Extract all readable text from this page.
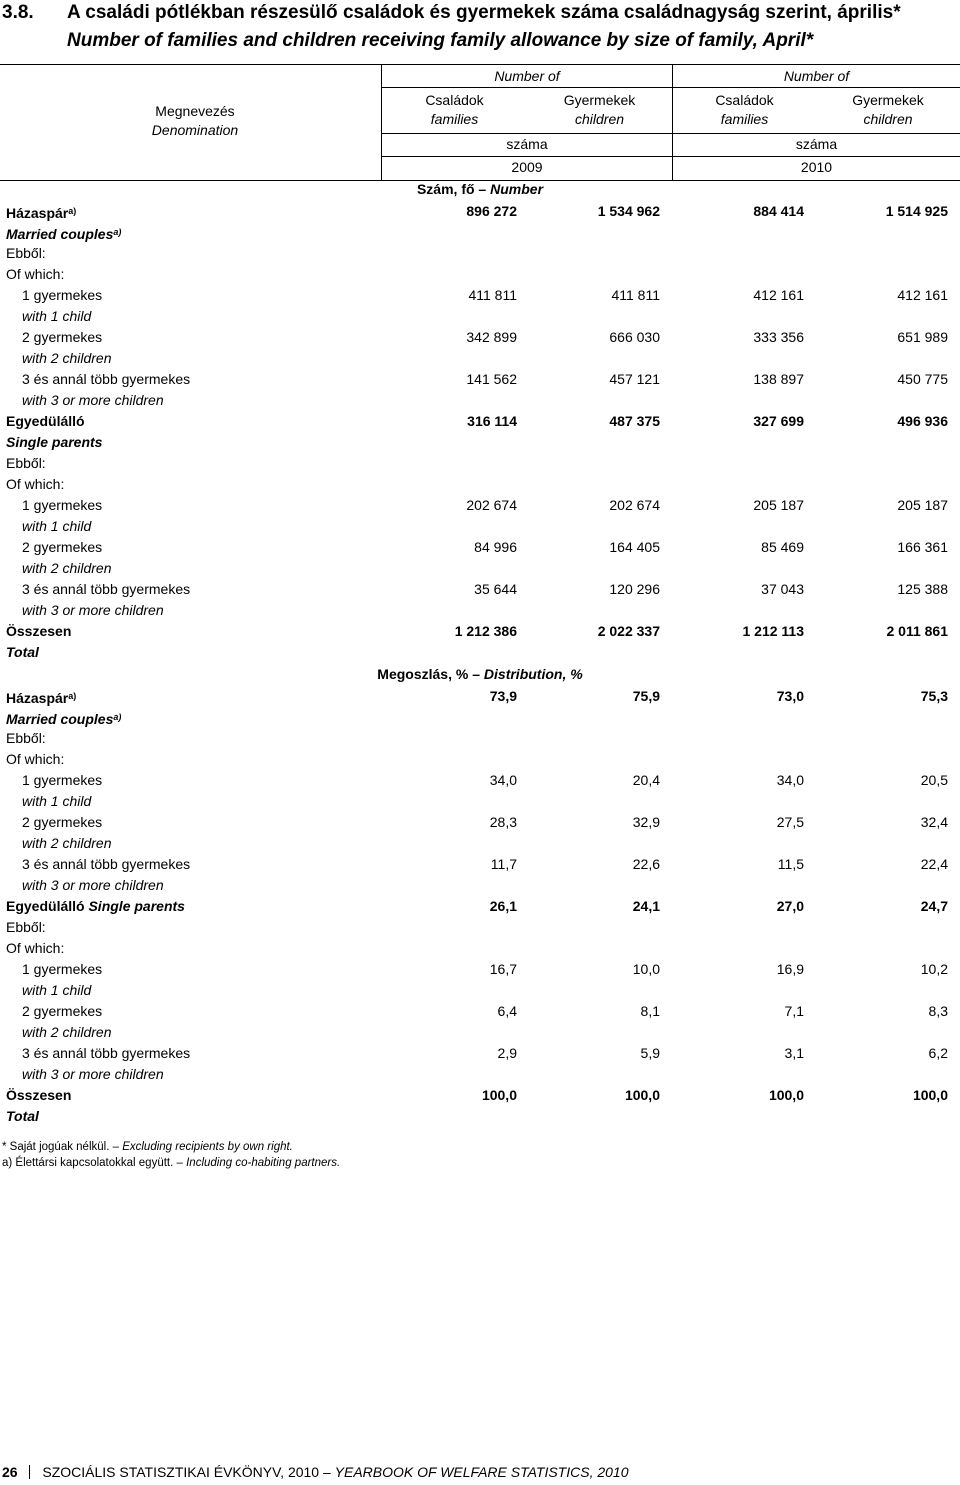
3.8. A családi pótlékban részesülő családok és gyermekek száma családnagyság szerint, április*
Number of families and children receiving family allowance by size of family, April*
Megnevezés
Denomination
Number of	Number of
Családok
families
Gyermekek
children
Családok
families
Gyermekek
children
száma	száma
2009	2010
Szám, fő – Number
Házaspár$^{a)}$	896 272	1 534 962	884 414	1 514 925
Married couples$^{a)}$
Ebből:
Of which:
1 gyermekes	411 811	411 811	412 161	412 161
with 1 child
2 gyermekes	342 899	666 030	333 356	651 989
with 2 children
3 és annál több gyermekes	141 562	457 121	138 897	450 775
with 3 or more children
Egyedülálló	316 114	487 375	327 699	496 936
Single parents
Ebből:
Of which:
1 gyermekes	202 674	202 674	205 187	205 187
with 1 child
2 gyermekes	84 996	164 405	85 469	166 361
with 2 children
3 és annál több gyermekes	35 644	120 296	37 043	125 388
with 3 or more children
Összesen	1 212 386	2 022 337	1 212 113	2 011 861
Total
Megoszlás, % – Distribution, %
Házaspár$^{a)}$	73,9	75,9	73,0	75,3
Married couples$^{a)}$
Ebből:
Of which:
1 gyermekes	34,0	20,4	34,0	20,5
with 1 child
2 gyermekes	28,3	32,9	27,5	32,4
with 2 children
3 és annál több gyermekes	11,7	22,6	11,5	22,4
with 3 or more children
Egyedülálló Single parents	26,1	24,1	27,0	24,7
Ebből:
Of which:
1 gyermekes	16,7	10,0	16,9	10,2
with 1 child
2 gyermekes	6,4	8,1	7,1	8,3
with 2 children
3 és annál több gyermekes	2,9	5,9	3,1	6,2
with 3 or more children
Összesen	100,0	100,0	100,0	100,0
Total
* Saját jogúak nélkül. – Excluding recipients by own right.
a) Élettársi kapcsolatokkal együtt. – Including co-habiting partners.
26 SZOCIÁLIS STATISZTIKAI ÉVKÖNYV, 2010 – YEARBOOK OF WELFARE STATISTICS, 2010
